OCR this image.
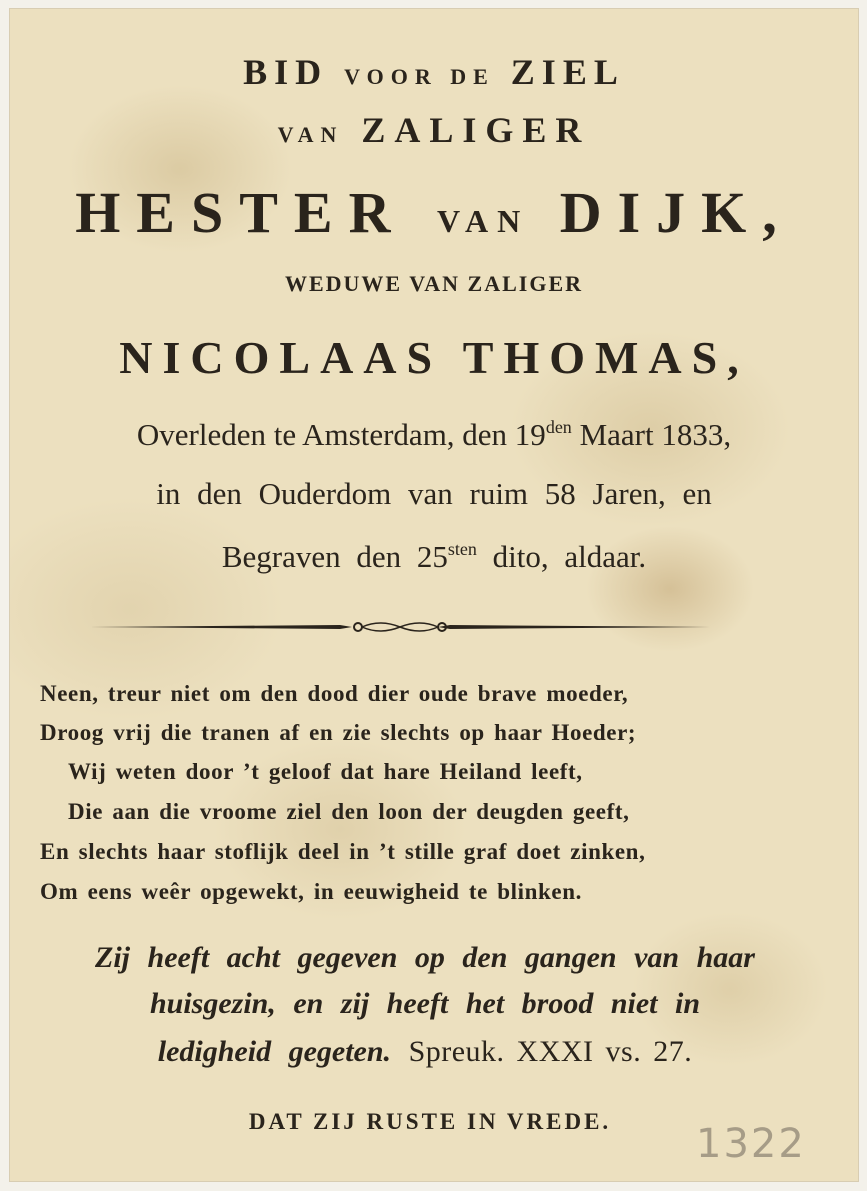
BID VOOR DE ZIEL
VAN ZALIGER
HESTER VAN DIJK,
WEDUWE VAN ZALIGER
NICOLAAS THOMAS,
Overleden te Amsterdam, den $19^{den}$ Maart 1833,
in den Ouderdom van ruim 58 Jaren, en
Begraven den $25^{sten}$ dito, aldaar.
Neen, treur niet om den dood dier oude brave moeder,
Droog vrij die tranen af en zie slechts op haar Hoeder;
Wij weten door ’t geloof dat hare Heiland leeft,
Die aan die vroome ziel den loon der deugden geeft,
En slechts haar stoflijk deel in ’t stille graf doet zinken,
Om eens weêr opgewekt, in eeuwigheid te blinken.
Zij heeft acht gegeven op den gangen van haar
huisgezin, en zij heeft het brood niet in
ledigheid gegeten. Spreuk. XXXI vs. 27.
DAT ZIJ RUSTE IN VREDE.	1322
